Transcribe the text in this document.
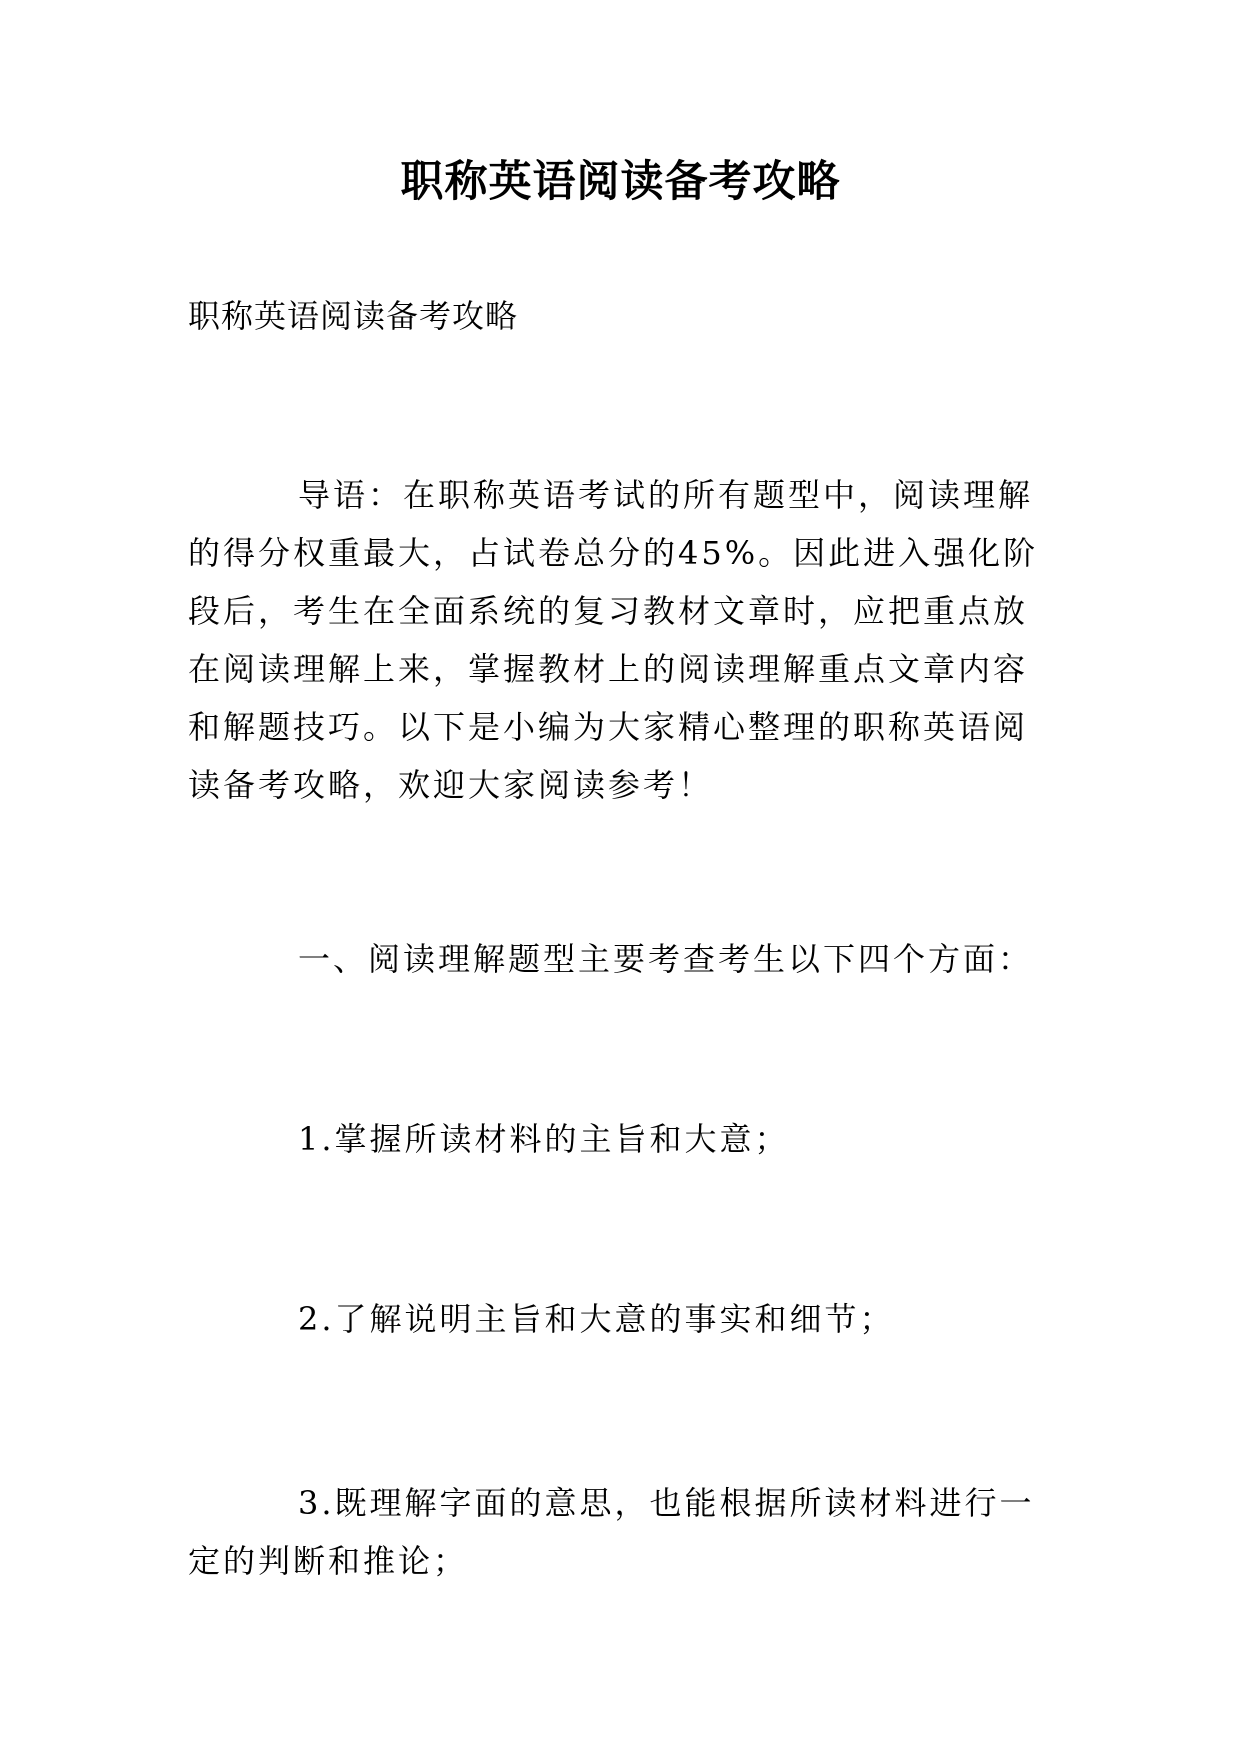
职称英语阅读备考攻略

职称英语阅读备考攻略

导语：在职称英语考试的所有题型中，阅读理解的得分权重最大，占试卷总分的45%。因此进入强化阶段后，考生在全面系统的复习教材文章时，应把重点放在阅读理解上来，掌握教材上的阅读理解重点文章内容和解题技巧。以下是小编为大家精心整理的职称英语阅读备考攻略，欢迎大家阅读参考！

一、阅读理解题型主要考查考生以下四个方面：

1.掌握所读材料的主旨和大意；

2.了解说明主旨和大意的事实和细节；

3.既理解字面的意思，也能根据所读材料进行一定的判断和推论；
